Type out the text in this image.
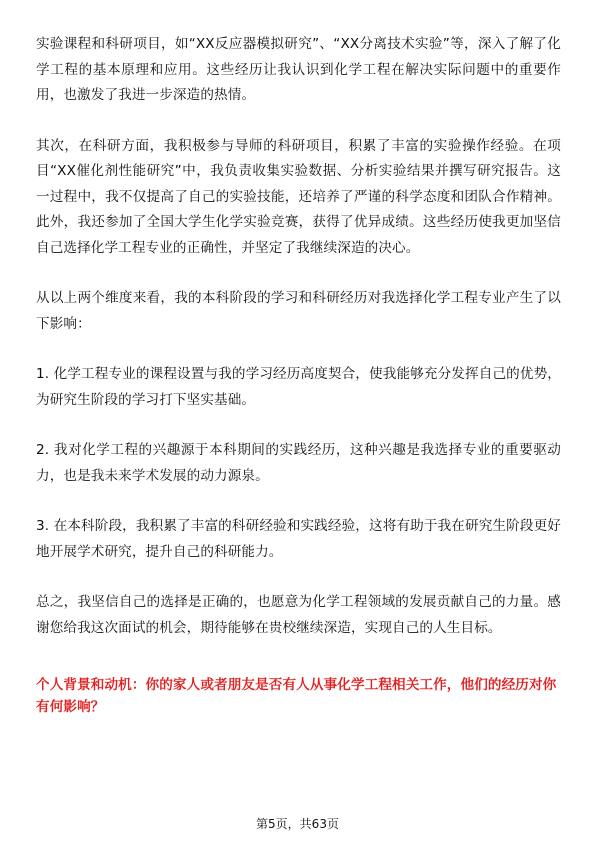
实验课程和科研项目，如“XX反应器模拟研究”、“XX分离技术实验”等，深入了解了化学工程的基本原理和应用。这些经历让我认识到化学工程在解决实际问题中的重要作用，也激发了我进一步深造的热情。

其次，在科研方面，我积极参与导师的科研项目，积累了丰富的实验操作经验。在项目“XX催化剂性能研究”中，我负责收集实验数据、分析实验结果并撰写研究报告。这一过程中，我不仅提高了自己的实验技能，还培养了严谨的科学态度和团队合作精神。此外，我还参加了全国大学生化学实验竞赛，获得了优异成绩。这些经历使我更加坚信自己选择化学工程专业的正确性，并坚定了我继续深造的决心。

从以上两个维度来看，我的本科阶段的学习和科研经历对我选择化学工程专业产生了以下影响：

1. 化学工程专业的课程设置与我的学习经历高度契合，使我能够充分发挥自己的优势，为研究生阶段的学习打下坚实基础。

2. 我对化学工程的兴趣源于本科期间的实践经历，这种兴趣是我选择专业的重要驱动力，也是我未来学术发展的动力源泉。

3. 在本科阶段，我积累了丰富的科研经验和实践经验，这将有助于我在研究生阶段更好地开展学术研究，提升自己的科研能力。

总之，我坚信自己的选择是正确的，也愿意为化学工程领域的发展贡献自己的力量。感谢您给我这次面试的机会，期待能够在贵校继续深造，实现自己的人生目标。

个人背景和动机：你的家人或者朋友是否有人从事化学工程相关工作，他们的经历对你有何影响？

第5页，共63页
